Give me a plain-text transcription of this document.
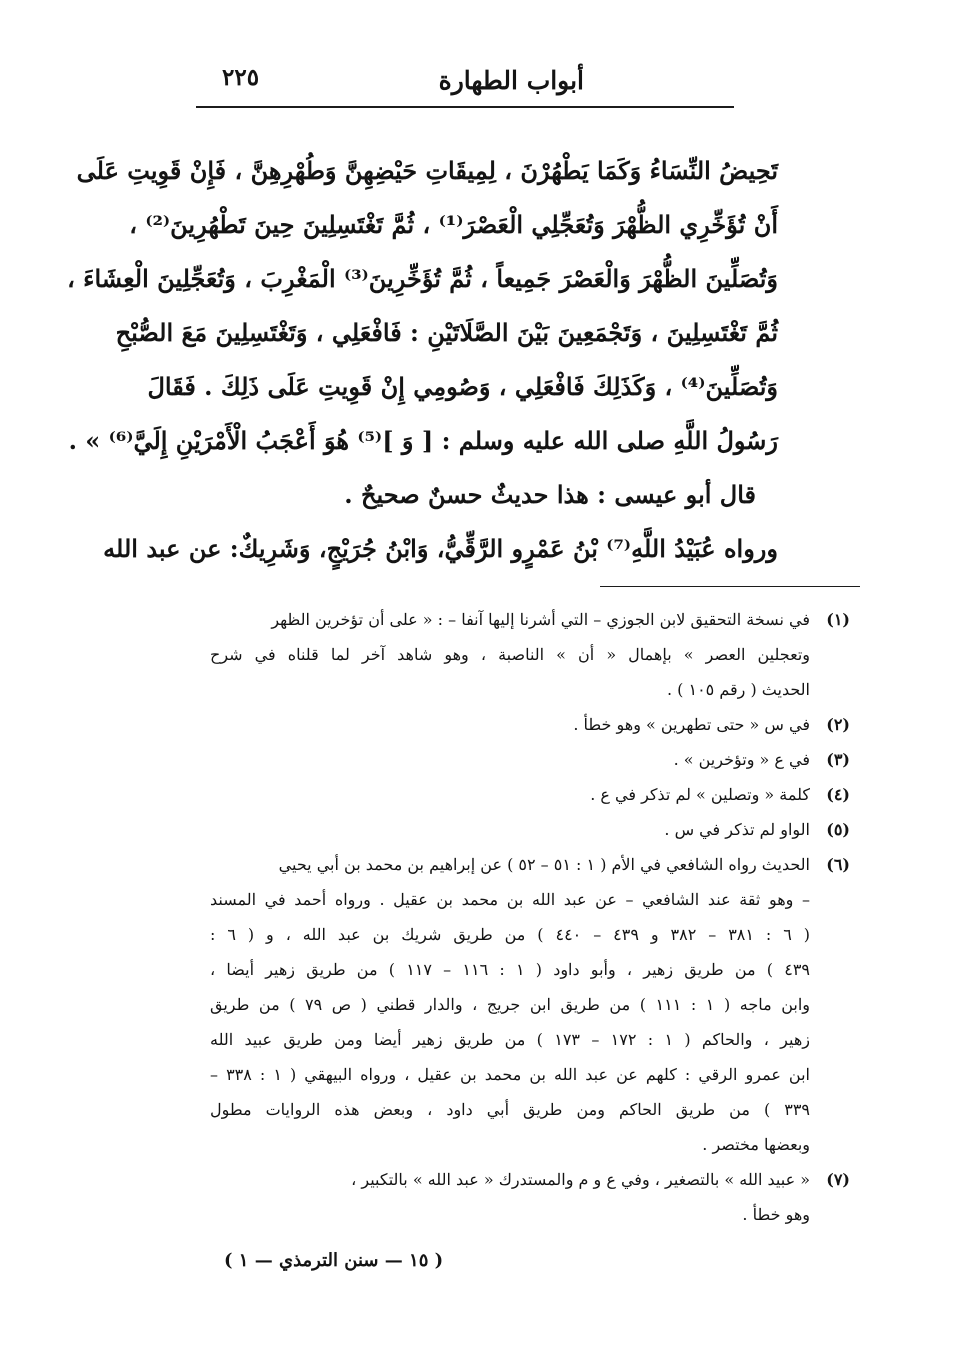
أبواب الطهارة
٢٢٥
تَحِيضُ النِّسَاءُ وَكَمَا يَطْهُرْنَ ، لِمِيقَاتِ حَيْضِهِنَّ وَطُهْرِهِنَّ ، فَإِنْ قَوِيتِ عَلَى
أَنْ تُؤَخِّرِي الظُّهْرَ وَتُعَجِّلِي الْعَصْرَ⁽¹⁾ ، ثُمَّ تَغْتَسِلِينَ حِينَ تَطْهُرِينَ⁽²⁾ ،
وَتُصَلِّينَ الظُّهْرَ وَالْعَصْرَ جَمِيعاً ، ثُمَّ تُؤَخِّرِينَ⁽³⁾ الْمَغْرِبَ ، وَتُعَجِّلِينَ الْعِشَاءَ ،
ثُمَّ تَغْتَسِلِينَ ، وَتَجْمَعِينَ بَيْنَ الصَّلَاتَيْنِ : فَافْعَلِي ، وَتَغْتَسِلِينَ مَعَ الصُّبْحِ
وَتُصَلِّينَ⁽⁴⁾ ، وَكَذَلِكَ فَافْعَلِي ، وَصُومِي إِنْ قَوِيتِ عَلَى ذَلِكَ . فَقَالَ
رَسُولُ اللَّهِ صلى الله عليه وسلم : [ وَ ]⁽⁵⁾ هُوَ أَعْجَبُ الْأَمْرَيْنِ إِلَيَّ⁽⁶⁾ » .
قال أبو عيسى : هذا حديثٌ حسنٌ صحيحٌ .
ورواه عُبَيْدُ اللَّهِ⁽⁷⁾ بْنُ عَمْرٍو الرَّقِّيُّ، وَابْنُ جُرَيْجٍ، وَشَرِيكٌ: عن عبد الله
(١)في نسخة التحقيق لابن الجوزي – التي أشرنا إليها آنفا – : « على أن تؤخرين الظهر
وتعجلين العصر » بإهمال « أن » الناصبة ، وهو شاهد آخر لما قلناه في شرح
الحديث ( رقم ١٠٥ ) .
(٢)في س « حتى تطهرين » وهو خطأ .
(٣)في ع « وتؤخرين » .
(٤)كلمة « وتصلين » لم تذكر في ع .
(٥)الواو لم تذكر في س .
(٦)الحديث رواه الشافعي في الأم ( ١ : ٥١ – ٥٢ ) عن إبراهيم بن محمد بن أبي يحيي
– وهو ثقة عند الشافعي – عن عبد الله بن محمد بن عقيل . ورواه أحمد في المسند
( ٦ : ٣٨١ – ٣٨٢ و ٤٣٩ – ٤٤٠ ) من طريق شريك بن عبد الله ، و ( ٦ :
٤٣٩ ) من طريق زهير ، وأبو داود ( ١ : ١١٦ – ١١٧ ) من طريق زهير أيضا ،
وابن ماجه ( ١ : ١١١ ) من طريق ابن جريج ، والدار قطني ( ص ٧٩ ) من طريق
زهير ، والحاكم ( ١ : ١٧٢ – ١٧٣ ) من طريق زهير أيضا ومن طريق عبيد الله
ابن عمرو الرقي : كلهم عن عبد الله بن محمد بن عقيل ، ورواه البيهقي ( ١ : ٣٣٨ –
٣٣٩ ) من طريق الحاكم ومن طريق أبي داود ، وبعض هذه الروايات مطول
وبعضها مختصر .
(٧)« عبيد الله » بالتصغير ، وفي ع و م والمستدرك « عبد الله » بالتكبير ،
وهو خطأ .
( ١٥ — سنن الترمذي — ١ )
